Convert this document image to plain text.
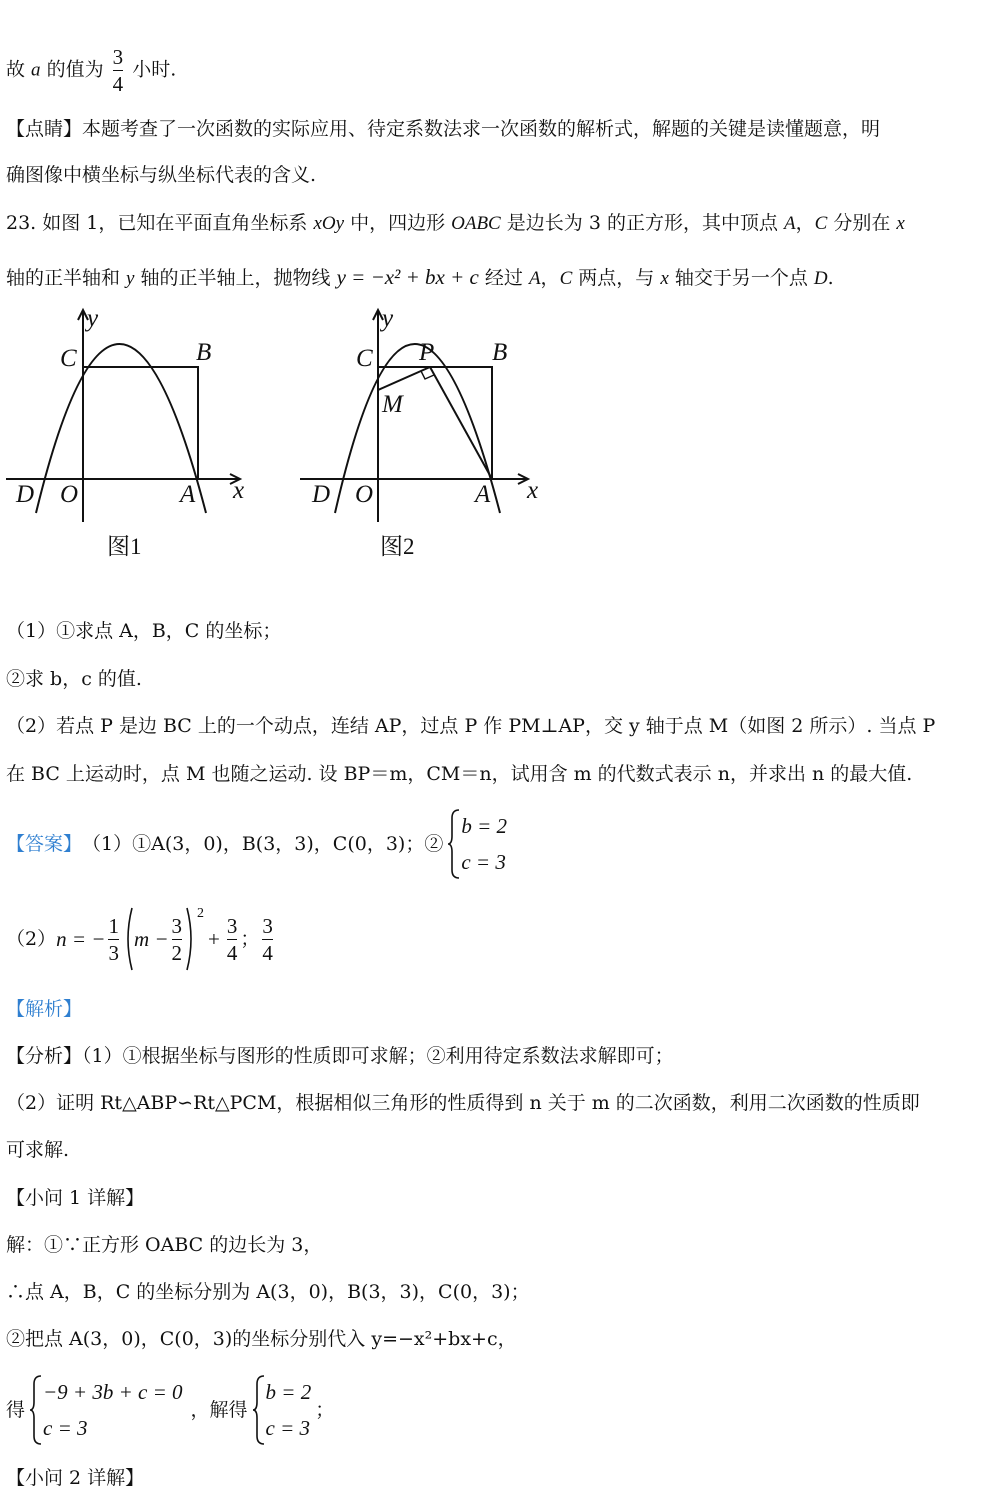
故 a 的值为 $\frac{3}{4}$ 小时.
【点睛】本题考查了一次函数的实际应用、待定系数法求一次函数的解析式，解题的关键是读懂题意，明
确图像中横坐标与纵坐标代表的含义.
23. 如图 1，已知在平面直角坐标系 xOy 中，四边形 OABC 是边长为 3 的正方形，其中顶点 A，C 分别在 x
轴的正半轴和 y 轴的正半轴上，抛物线 y = −x² + bx + c 经过 A，C 两点，与 x 轴交于另一个点 D.
y
C	B
D O	A x
图1
y
C P B
M
D O	A x
图2
（1）①求点 A，B，C 的坐标；
②求 b，c 的值.
（2）若点 P 是边 BC 上的一个动点，连结 AP，过点 P 作 PM⊥AP，交 y 轴于点 M（如图 2 所示）. 当点 P
在 BC 上运动时，点 M 也随之运动. 设 BP＝m，CM＝n，试用含 m 的代数式表示 n，并求出 n 的最大值.
【答案】 （1）①A(3，0)，B(3，3)，C(0，3)；②
b = 2
c = 3
（2） n = − $\frac{1}{3}$ $m - \frac{3}{2}$
2
+ $\frac{3}{4}$ ； $\frac{3}{4}$
【解析】
【分析】（1）①根据坐标与图形的性质即可求解；②利用待定系数法求解即可；
（2）证明 Rt△ABP∽Rt△PCM，根据相似三角形的性质得到 n 关于 m 的二次函数，利用二次函数的性质即
可求解.
【小问 1 详解】
解：①∵正方形 OABC 的边长为 3，
∴点 A，B，C 的坐标分别为 A(3，0)，B(3，3)，C(0，3)；
②把点 A(3，0)，C(0，3)的坐标分别代入 y=−x²+bx+c，
得
−9 + 3b + c = 0
c = 3
，解得
b = 2
c = 3
；
【小问 2 详解】
